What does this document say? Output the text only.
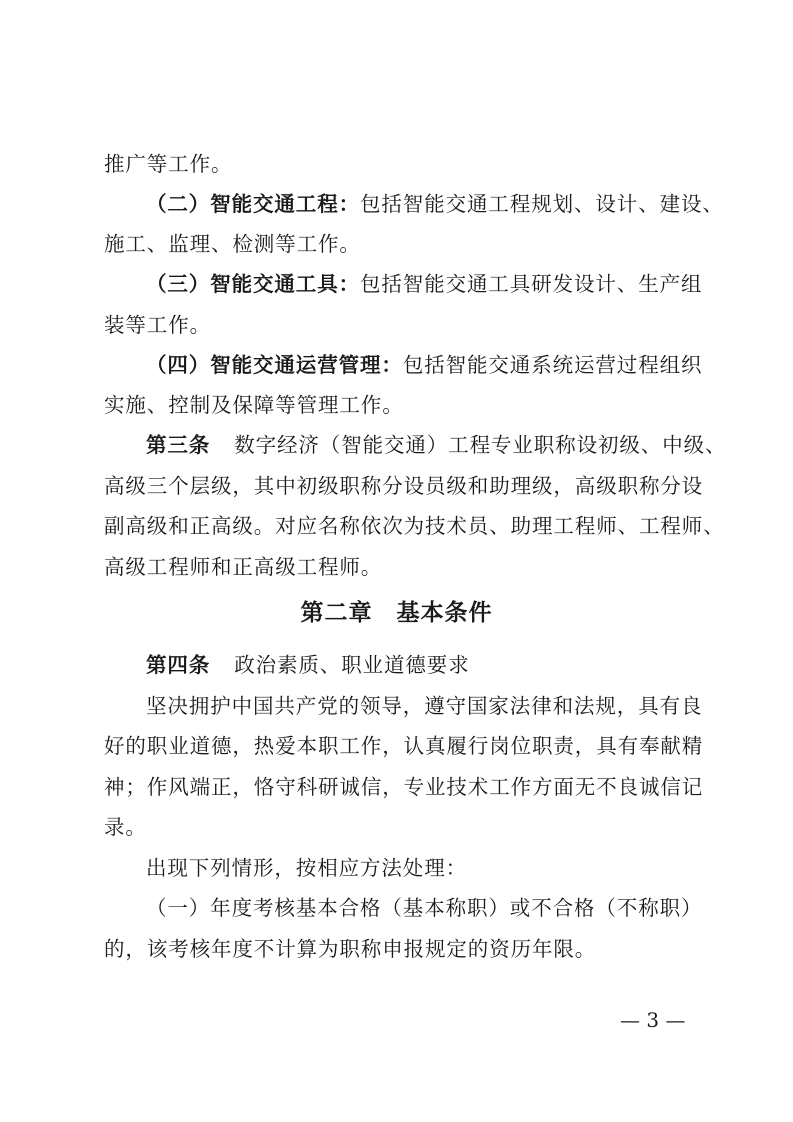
推广等工作。
（二）智能交通工程：包括智能交通工程规划、设计、建设、
施工、监理、检测等工作。
（三）智能交通工具：包括智能交通工具研发设计、生产组
装等工作。
（四）智能交通运营管理：包括智能交通系统运营过程组织
实施、控制及保障等管理工作。
第三条 数字经济（智能交通）工程专业职称设初级、中级、
高级三个层级，其中初级职称分设员级和助理级，高级职称分设
副高级和正高级。对应名称依次为技术员、助理工程师、工程师、
高级工程师和正高级工程师。
第二章　基本条件
第四条 政治素质、职业道德要求
坚决拥护中国共产党的领导，遵守国家法律和法规，具有良
好的职业道德，热爱本职工作，认真履行岗位职责，具有奉献精
神；作风端正，恪守科研诚信，专业技术工作方面无不良诚信记
录。
出现下列情形，按相应方法处理：
（一）年度考核基本合格（基本称职）或不合格（不称职）
的，该考核年度不计算为职称申报规定的资历年限。
— 3 —
